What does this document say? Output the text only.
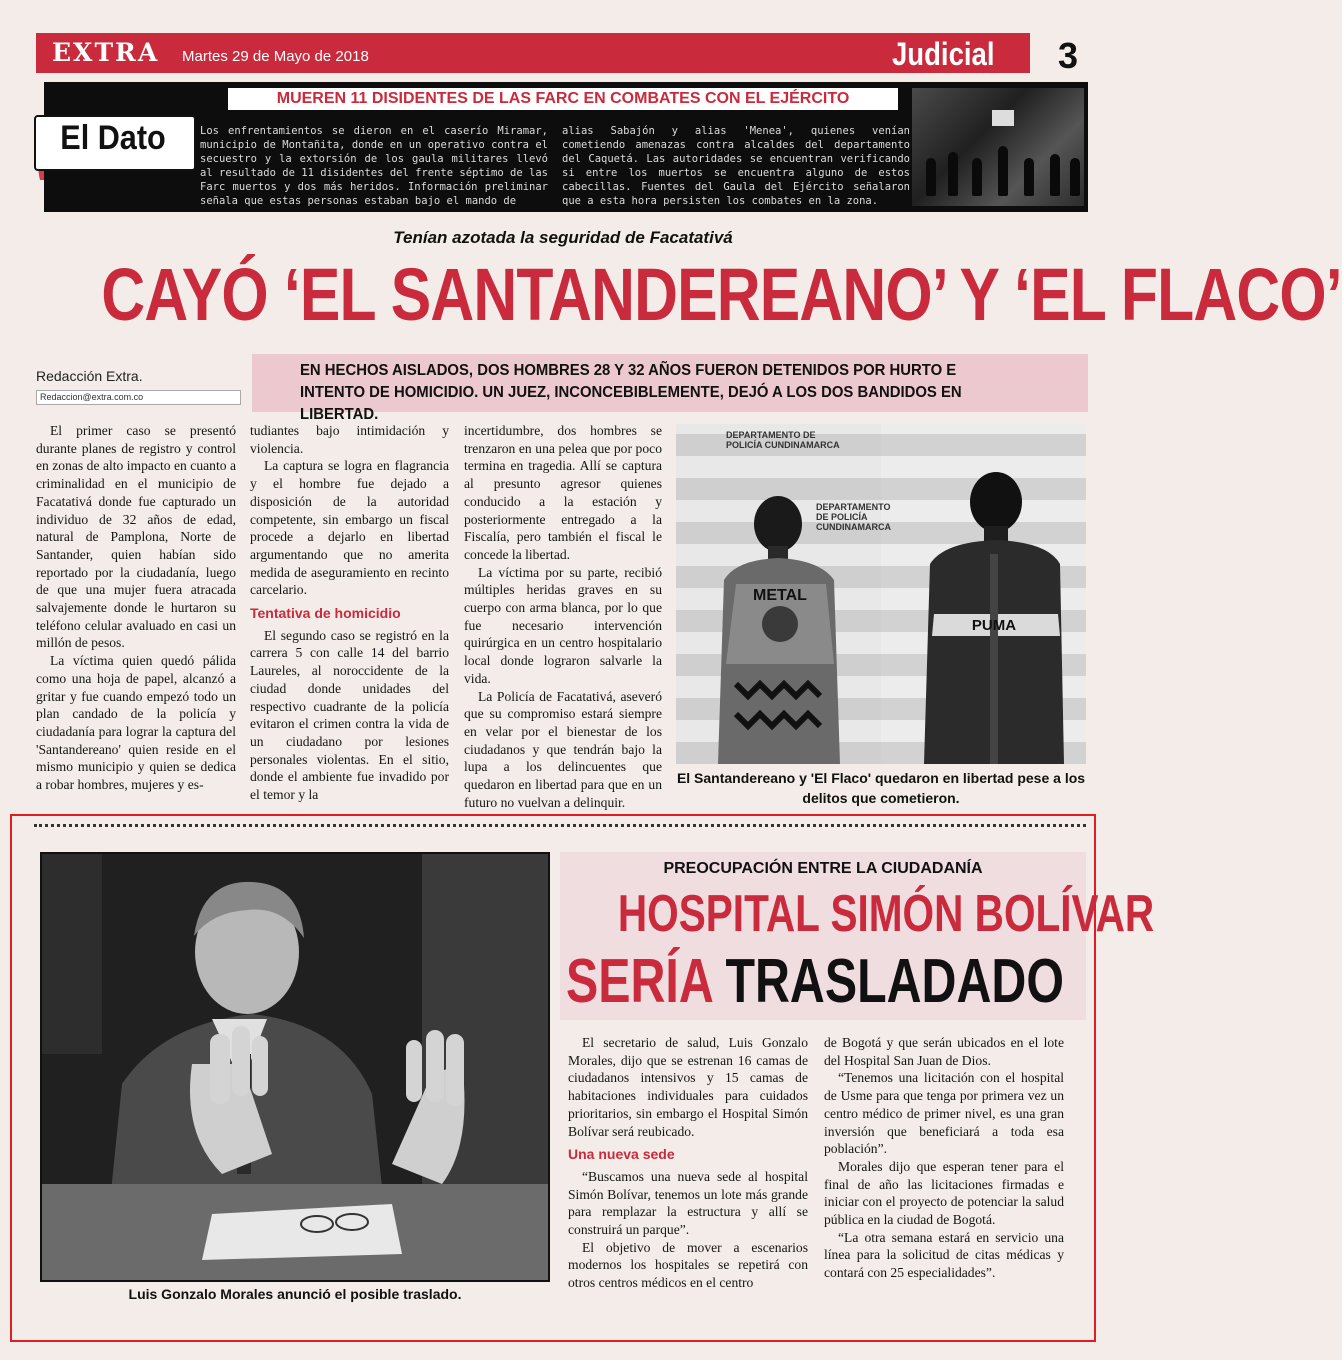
EXTRA Martes 29 de Mayo de 2018	Judicial 3
El Dato
MUEREN 11 DISIDENTES DE LAS FARC EN COMBATES CON EL EJÉRCITO
Los enfrentamientos se dieron en el caserío Miramar, municipio de Montañita, donde en un operativo contra el secuestro y la extorsión de los gaula militares llevó al resultado de 11 disidentes del frente séptimo de las Farc muertos y dos más heridos. Información preliminar señala que estas personas estaban bajo el mando de
alias Sabajón y alias 'Menea', quienes venían cometiendo amenazas contra alcaldes del departamento del Caquetá. Las autoridades se encuentran verificando si entre los muertos se encuentra alguno de estos cabecillas. Fuentes del Gaula del Ejército señalaron que a esta hora persisten los combates en la zona.
Tenían azotada la seguridad de Facatativá
CAYÓ ‘EL SANTANDEREANO’ Y ‘EL FLACO’
Redacción Extra.
Redaccion@extra.com.co
EN HECHOS AISLADOS, DOS HOMBRES 28 Y 32 AÑOS FUERON DETENIDOS POR HURTO E INTENTO DE HOMICIDIO. UN JUEZ, INCONCEBIBLEMENTE, DEJÓ A LOS DOS BANDIDOS EN LIBERTAD.

El primer caso se presentó durante planes de registro y control en zonas de alto impacto en cuanto a criminalidad en el municipio de Facatativá donde fue capturado un individuo de 32 años de edad, natural de Pamplona, Norte de Santander, quien habían sido reportado por la ciudadanía, luego de que una mujer fuera atracada salvajemente donde le hurtaron su teléfono celular avaluado en casi un millón de pesos.

La víctima quien quedó pálida como una hoja de papel, alcanzó a gritar y fue cuando empezó todo un plan candado de la policía y ciudadanía para lograr la captura del 'Santandereano' quien reside en el mismo municipio y quien se dedica a robar hombres, mujeres y es-

tudiantes bajo intimidación y violencia.

La captura se logra en flagrancia y el hombre fue dejado a disposición de la autoridad competente, sin embargo un fiscal procede a dejarlo en libertad argumentando que no amerita medida de aseguramiento en recinto carcelario.

Tentativa de homicidio

El segundo caso se registró en la carrera 5 con calle 14 del barrio Laureles, al noroccidente de la ciudad donde unidades del respectivo cuadrante de la policía evitaron el crimen contra la vida de un ciudadano por lesiones personales violentas. En el sitio, donde el ambiente fue invadido por el temor y la

incertidumbre, dos hombres se trenzaron en una pelea que por poco termina en tragedia. Allí se captura al presunto agresor quienes conducido a la estación y posteriormente entregado a la Fiscalía, pero también el fiscal le concede la libertad.

La víctima por su parte, recibió múltiples heridas graves en su cuerpo con arma blanca, por lo que fue necesario intervención quirúrgica en un centro hospitalario local donde lograron salvarle la vida.

La Policía de Facatativá, aseveró que su compromiso estará siempre en velar por el bienestar de los ciudadanos y que tendrán bajo la lupa a los delincuentes que quedaron en libertad para que en un futuro no vuelvan a delinquir.

DEPARTAMENTO DE POLICÍA CUNDINAMARCA
DEPARTAMENTO DE POLICÍA CUNDINAMARCA
METAL
PUMA
El Santandereano y 'El Flaco' quedaron en libertad pese a los delitos que cometieron.
Luis Gonzalo Morales anunció el posible traslado.
PREOCUPACIÓN ENTRE LA CIUDADANÍA
HOSPITAL SIMÓN BOLÍVAR
SERÍA TRASLADADO

El secretario de salud, Luis Gonzalo Morales, dijo que se estrenan 16 camas de ciudadanos intensivos y 15 camas de habitaciones individuales para cuidados prioritarios, sin embargo el Hospital Simón Bolívar será reubicado.

Una nueva sede

“Buscamos una nueva sede al hospital Simón Bolívar, tenemos un lote más grande para remplazar la estructura y allí se construirá un parque”.

El objetivo de mover a escenarios modernos los hospitales se repetirá con otros centros médicos en el centro

de Bogotá y que serán ubicados en el lote del Hospital San Juan de Dios.

“Tenemos una licitación con el hospital de Usme para que tenga por primera vez un centro médico de primer nivel, es una gran inversión que beneficiará a toda esa población”.

Morales dijo que esperan tener para el final de año las licitaciones firmadas e iniciar con el proyecto de potenciar la salud pública en la ciudad de Bogotá.

“La otra semana estará en servicio una línea para la solicitud de citas médicas y contará con 25 especialidades”.
